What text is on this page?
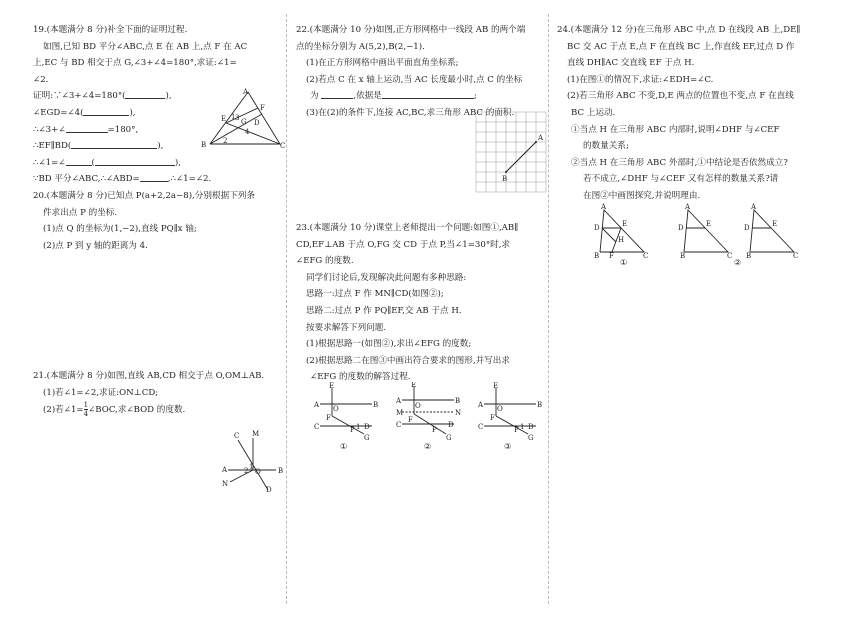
19.(本题满分 8 分)补全下面的证明过程.

如图,已知 BD 平分∠ABC,点 E 在 AB 上,点 F 在 AC

上,EC 与 BD 相交于点 G,∠3+∠4=180°,求证:∠1=

∠2.

证明:∵∠3+∠4=180°(	),

∠EGD=∠4(	),

∴∠3+∠	=180°,

∴EF∥BD(	),

∴∠1=∠	(	),

∵BD 平分∠ABC,∴∠ABD=	,∴∠1=∠2.

20.(本题满分 8 分)已知点 P(a+2,2a−8),分别根据下列条

件求出点 P 的坐标.

(1)点 Q 的坐标为(1,−2),直线 PQ∥x 轴;

(2)点 P 到 y 轴的距离为 4.

A
F
E G
3
4
1
2
D
B	C

21.(本题满分 8 分)如图,直线 AB,CD 相交于点 O,OM⊥AB.

(1)若∠1=∠2,求证:ON⊥CD;

(2)若∠1= $\frac{1}{4}$ ∠BOC,求∠BOD 的度数.

C M
A	B
O
N
D
2 1

22.(本题满分 10 分)如图,正方形网格中一线段 AB 的两个端

点的坐标分别为 A(5,2),B(2,−1).

(1)在正方形网格中画出平面直角坐标系;

(2)若点 C 在 x 轴上运动,当 AC 长度最小时,点 C 的坐标

为	,依据是	;

(3)在(2)的条件下,连接 AC,BC,求三角形 ABC 的面积.

A
B

23.(本题满分 10 分)课堂上老师提出一个问题:如图①,AB∥

CD,EF⊥AB 于点 O,FG 交 CD 于点 P,当∠1=30°时,求

∠EFG 的度数.

同学们讨论后,发现解决此问题有多种思路:

思路一:过点 F 作 MN∥CD(如图②);

思路二:过点 P 作 PQ∥EF,交 AB 于点 H.

按要求解答下列问题.

(1)根据思路一(如图②),求出∠EFG 的度数;

(2)根据思路二在图③中画出符合要求的图形,并写出求

∠EFG 的度数的解答过程.

E
A	B
O
F
C	D
P
G
1
E
A	B
O
M	N
F
C	D
P
G
E
A	B
O
F
C	D
P
G
1
①	②	③

24.(本题满分 12 分)在三角形 ABC 中,点 D 在线段 AB 上,DE∥

BC 交 AC 于点 E,点 F 在直线 BC 上,作直线 EF,过点 D 作

直线 DH∥AC 交直线 EF 于点 H.

(1)在图①的情况下,求证:∠EDH=∠C.

(2)若三角形 ABC 不变,D,E 两点的位置也不变,点 F 在直线

BC 上运动.

①当点 H 在三角形 ABC 内部时,说明∠DHF 与∠CEF

的数量关系;

②当点 H 在三角形 ABC 外部时,①中结论是否依然成立?

若不成立,∠DHF 与∠CEF 又有怎样的数量关系?请

在图②中画图探究,并说明理由.

A
D	E
H
B F	C
A
D	E
B	C
A
D	E
B	C
①	②
